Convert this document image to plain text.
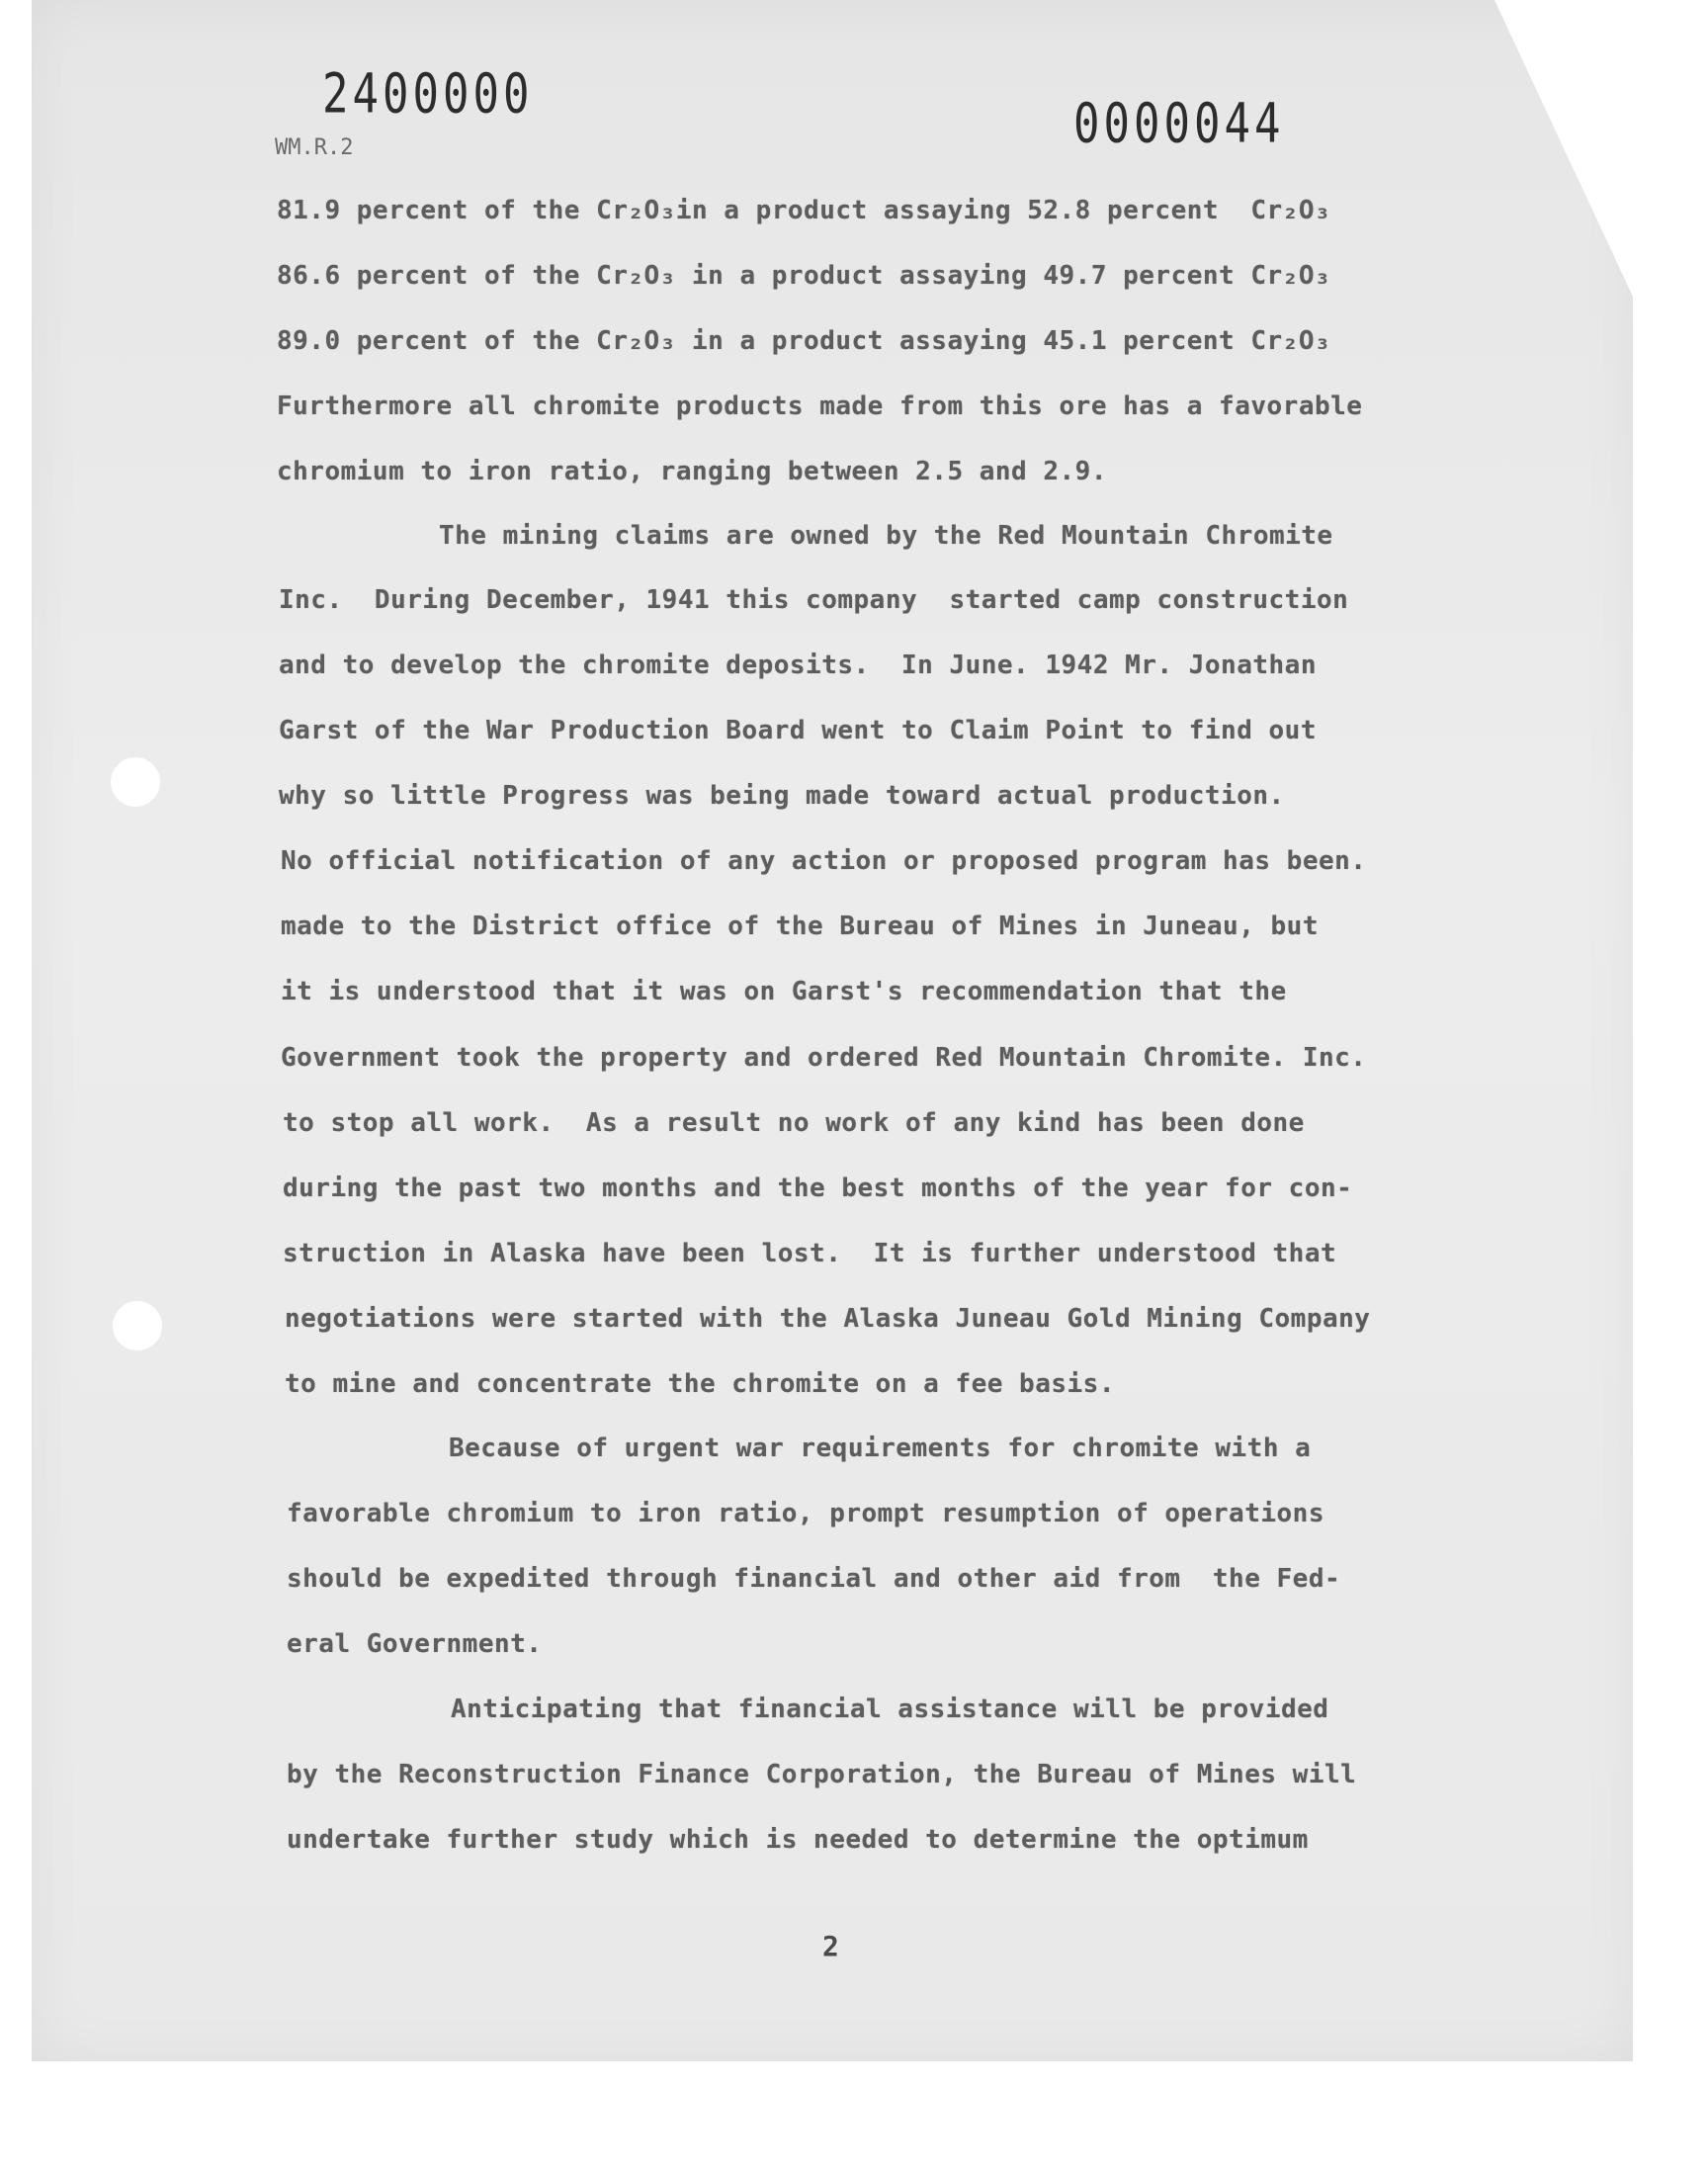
2400000	0000044
WM.R.2
81.9 percent of the Cr₂O₃in a product assaying 52.8 percent  Cr₂O₃
86.6 percent of the Cr₂O₃ in a product assaying 49.7 percent Cr₂O₃
89.0 percent of the Cr₂O₃ in a product assaying 45.1 percent Cr₂O₃
Furthermore all chromite products made from this ore has a favorable
chromium to iron ratio, ranging between 2.5 and 2.9.
The mining claims are owned by the Red Mountain Chromite
Inc.  During December, 1941 this company  started camp construction
and to develop the chromite deposits.  In June. 1942 Mr. Jonathan
Garst of the War Production Board went to Claim Point to find out
why so little Progress was being made toward actual production.
No official notification of any action or proposed program has been.
made to the District office of the Bureau of Mines in Juneau, but
it is understood that it was on Garst's recommendation that the
Government took the property and ordered Red Mountain Chromite. Inc.
to stop all work.  As a result no work of any kind has been done
during the past two months and the best months of the year for con-
struction in Alaska have been lost.  It is further understood that
negotiations were started with the Alaska Juneau Gold Mining Company
to mine and concentrate the chromite on a fee basis.
Because of urgent war requirements for chromite with a
favorable chromium to iron ratio, prompt resumption of operations
should be expedited through financial and other aid from  the Fed-
eral Government.
Anticipating that financial assistance will be provided
by the Reconstruction Finance Corporation, the Bureau of Mines will
undertake further study which is needed to determine the optimum
2
